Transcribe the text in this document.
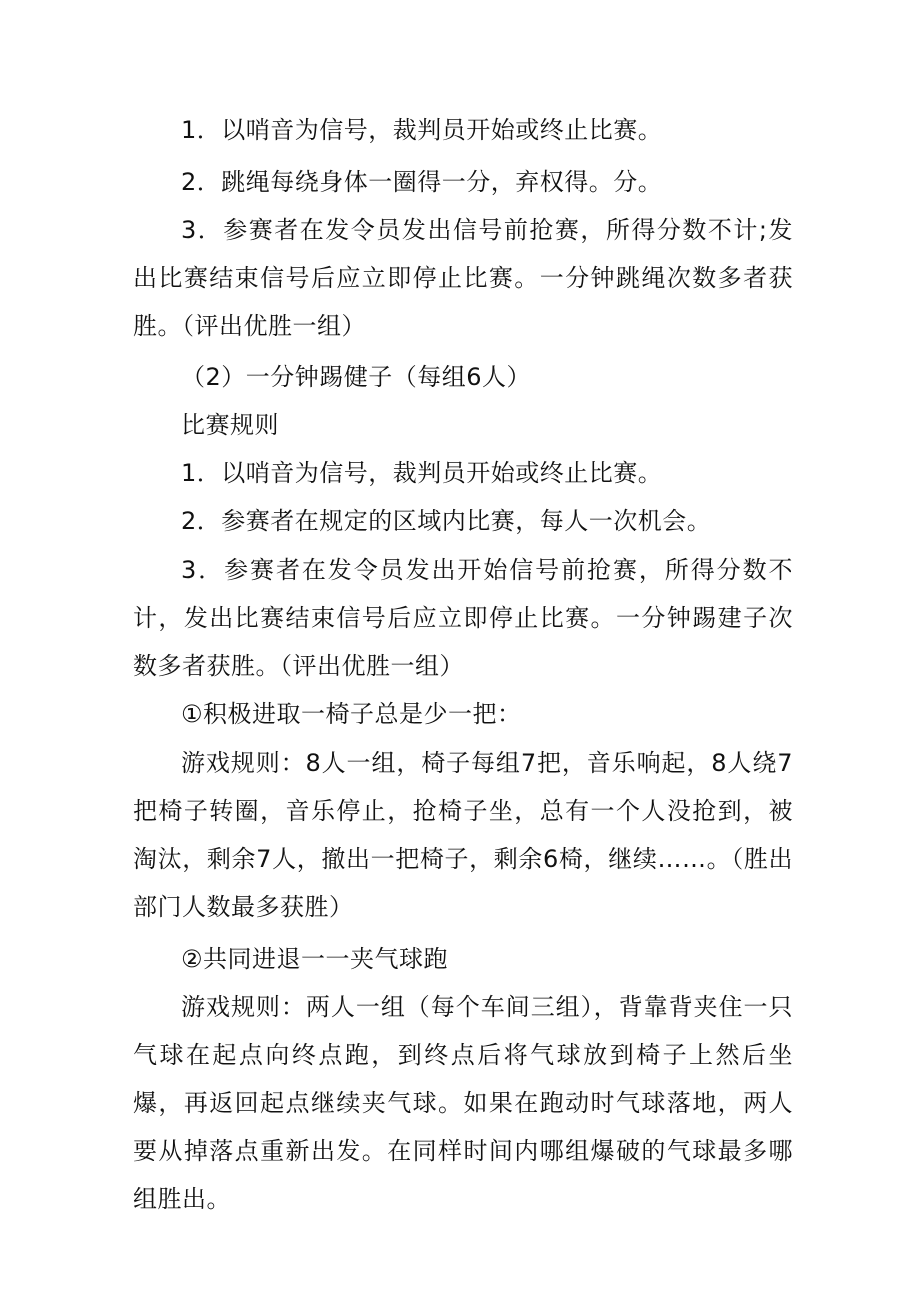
1．以哨音为信号，裁判员开始或终止比赛。

2．跳绳每绕身体一圈得一分，弃权得。分。

3．参赛者在发令员发出信号前抢赛，所得分数不计;发出比赛结束信号后应立即停止比赛。一分钟跳绳次数多者获胜。（评出优胜一组）

（2）一分钟踢健子（每组6人）

比赛规则

1．以哨音为信号，裁判员开始或终止比赛。

2．参赛者在规定的区域内比赛，每人一次机会。

3．参赛者在发令员发出开始信号前抢赛，所得分数不计，发出比赛结束信号后应立即停止比赛。一分钟踢建子次数多者获胜。（评出优胜一组）

①积极进取一椅子总是少一把：

游戏规则：8人一组，椅子每组7把，音乐响起，8人绕7把椅子转圈，音乐停止，抢椅子坐，总有一个人没抢到，被淘汰，剩余7人，撤出一把椅子，剩余6椅，继续……。（胜出部门人数最多获胜）

②共同进退一一夹气球跑

游戏规则：两人一组（每个车间三组），背靠背夹住一只气球在起点向终点跑，到终点后将气球放到椅子上然后坐爆，再返回起点继续夹气球。如果在跑动时气球落地，两人要从掉落点重新出发。在同样时间内哪组爆破的气球最多哪组胜出。
